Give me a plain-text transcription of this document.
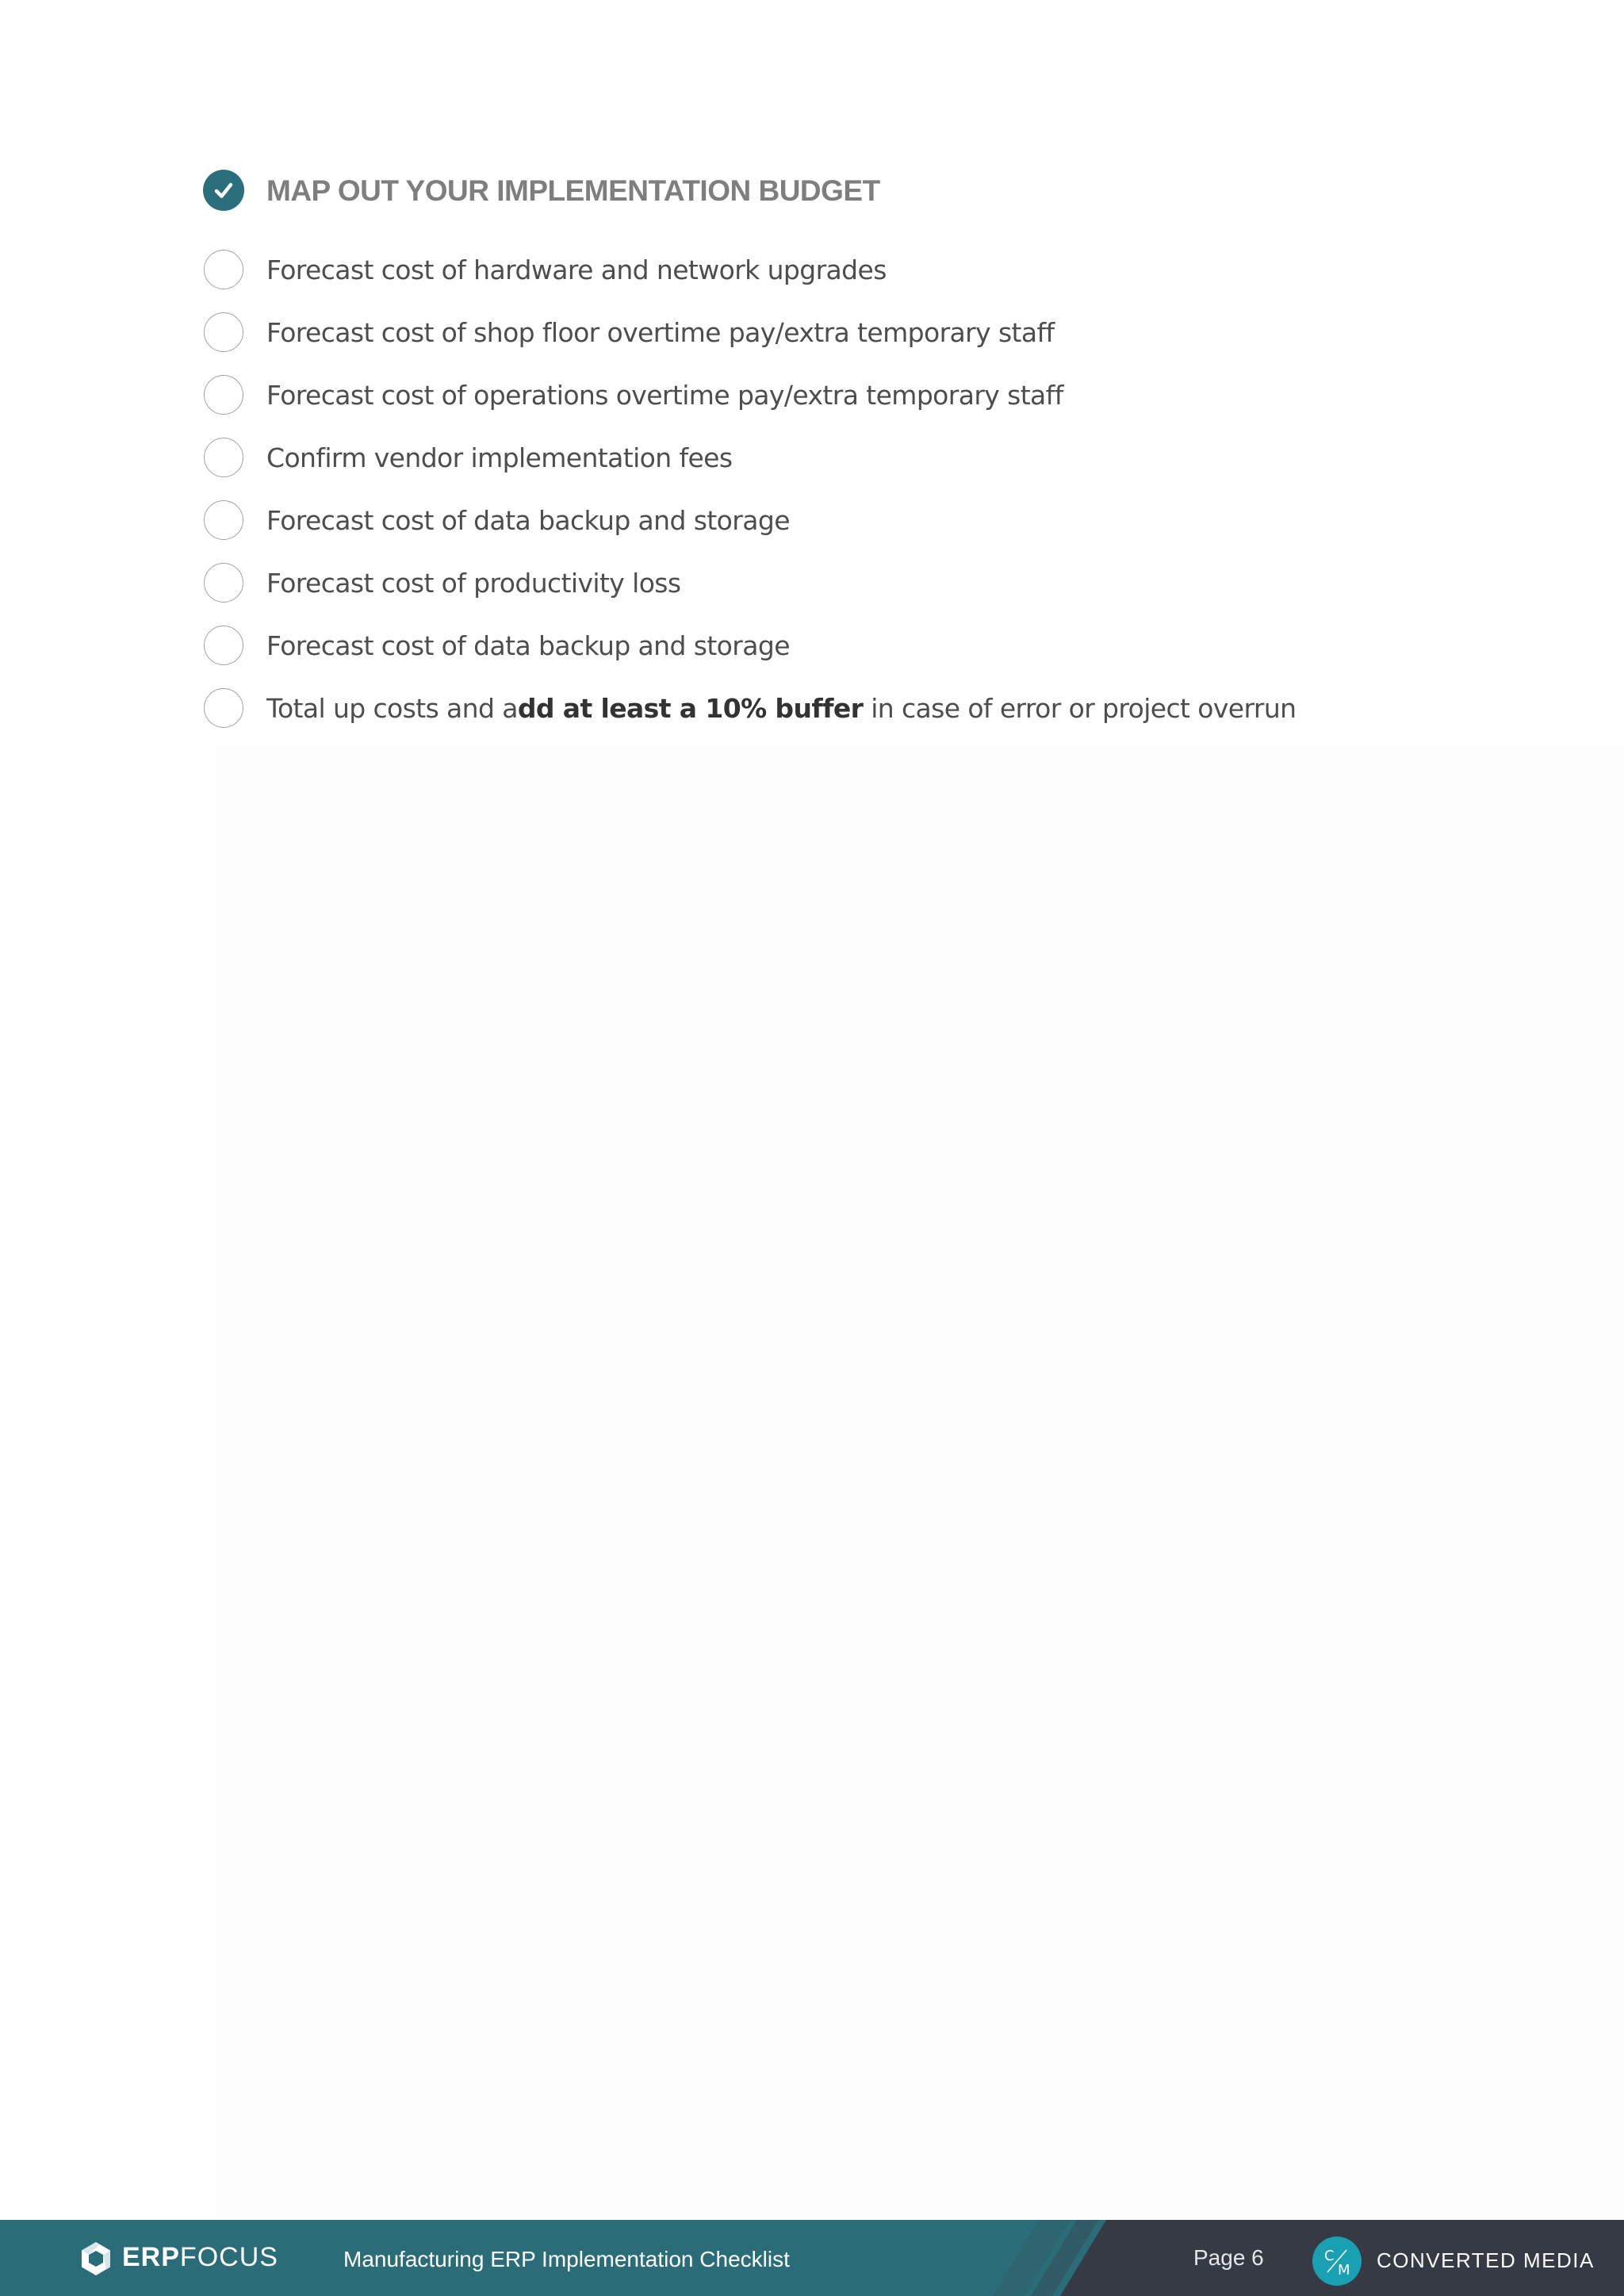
MAP OUT YOUR IMPLEMENTATION BUDGET
Forecast cost of hardware and network upgrades
Forecast cost of shop floor overtime pay/extra temporary staff
Forecast cost of operations overtime pay/extra temporary staff
Confirm vendor implementation fees
Forecast cost of data backup and storage
Forecast cost of productivity loss
Forecast cost of data backup and storage
Total up costs and add at least a 10% buffer in case of error or project overrun
ERPFOCUS	Manufacturing ERP Implementation Checklist	Page 6	C
M CONVERTED MEDIA
